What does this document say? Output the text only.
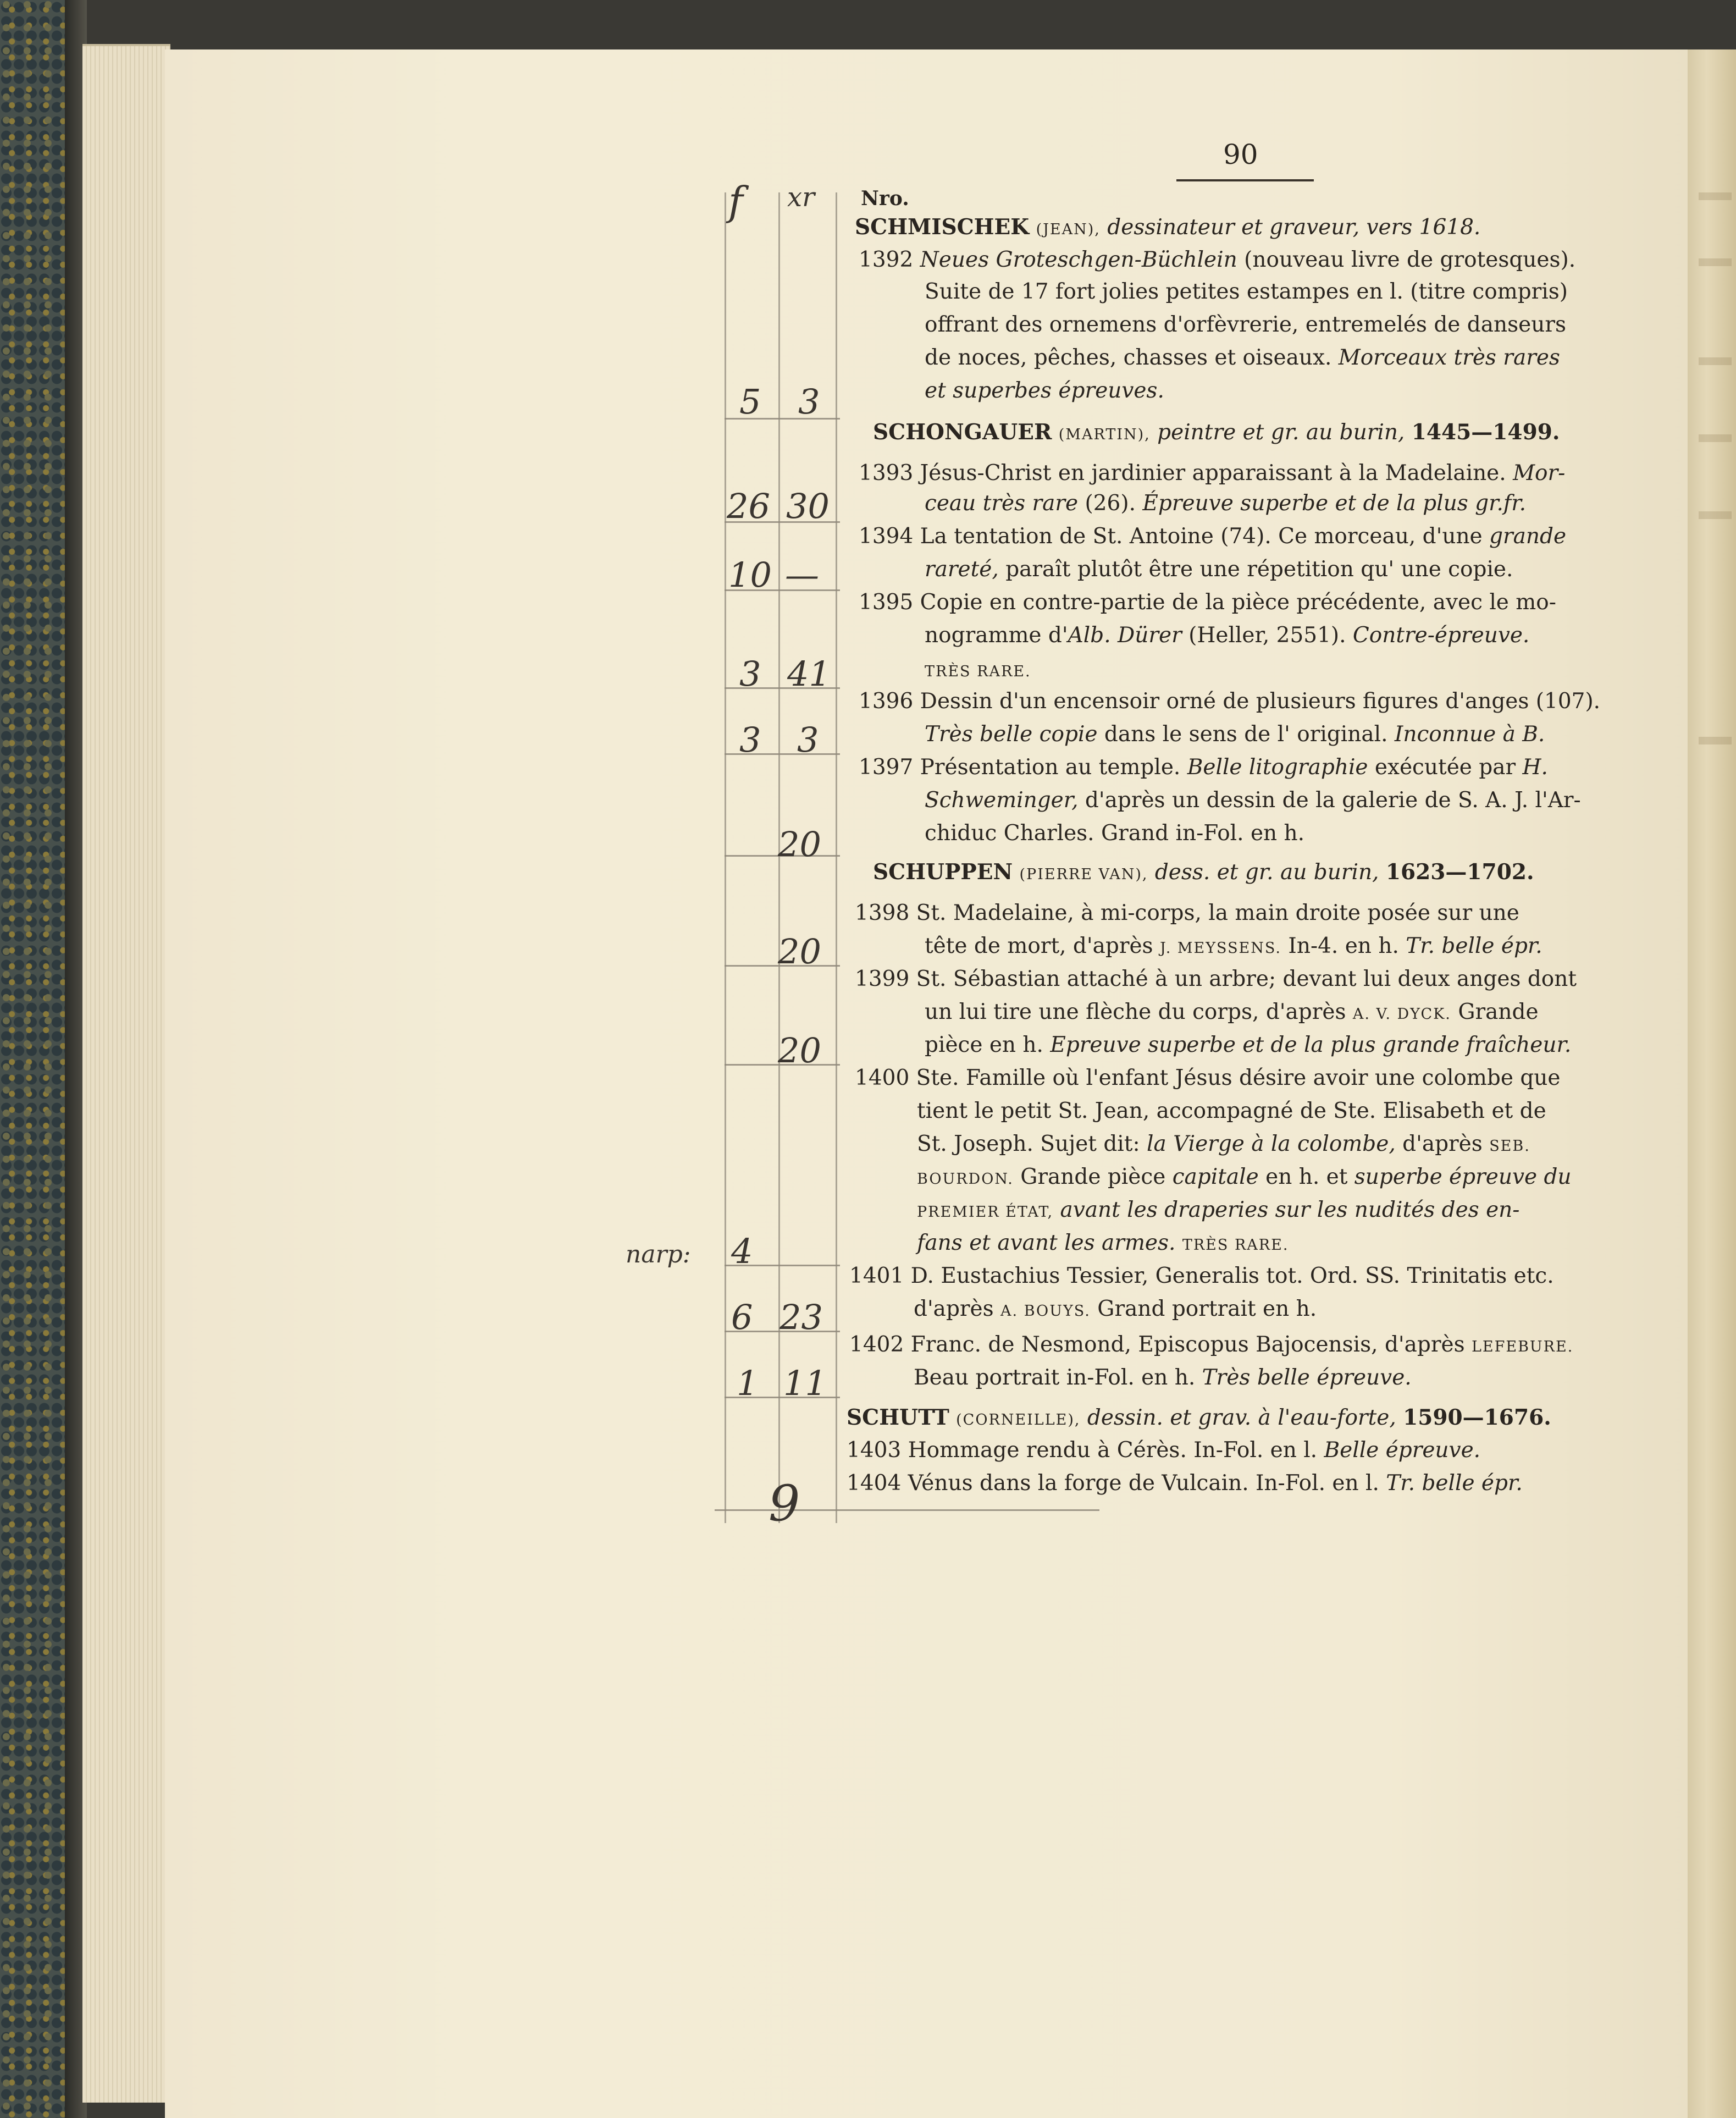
90
f xr
narp:
5 3
26 30
10 —
3 41
3 3
20
20
20
4
6 23
1 11
9
Nro.
SCHMISCHEK (JEAN), dessinateur et graveur, vers 1618.
1392 Neues Groteschgen-Büchlein (nouveau livre de grotesques).
Suite de 17 fort jolies petites estampes en l. (titre compris)
offrant des ornemens d'orfèvrerie, entremelés de danseurs
de noces, pêches, chasses et oiseaux. Morceaux très rares
et superbes épreuves.
SCHONGAUER (MARTIN), peintre et gr. au burin, 1445—1499.
1393 Jésus-Christ en jardinier apparaissant à la Madelaine. Mor-
ceau très rare (26). Épreuve superbe et de la plus gr.fr.
1394 La tentation de St. Antoine (74). Ce morceau, d'une grande
rareté, paraît plutôt être une répetition qu' une copie.
1395 Copie en contre-partie de la pièce précédente, avec le mo-
nogramme d'Alb. Dürer (Heller, 2551). Contre-épreuve.
TRÈS RARE.
1396 Dessin d'un encensoir orné de plusieurs figures d'anges (107).
Très belle copie dans le sens de l' original. Inconnue à B.
1397 Présentation au temple. Belle litographie exécutée par H.
Schweminger, d'après un dessin de la galerie de S. A. J. l'Ar-
chiduc Charles. Grand in-Fol. en h.
SCHUPPEN (PIERRE VAN), dess. et gr. au burin, 1623—1702.
1398 St. Madelaine, à mi-corps, la main droite posée sur une
tête de mort, d'après J. MEYSSENS. In-4. en h. Tr. belle épr.
1399 St. Sébastian attaché à un arbre; devant lui deux anges dont
un lui tire une flèche du corps, d'après A. V. DYCK. Grande
pièce en h. Epreuve superbe et de la plus grande fraîcheur.
1400 Ste. Famille où l'enfant Jésus désire avoir une colombe que
tient le petit St. Jean, accompagné de Ste. Elisabeth et de
St. Joseph. Sujet dit: la Vierge à la colombe, d'après SEB.
BOURDON. Grande pièce capitale en h. et superbe épreuve du
PREMIER ÉTAT, avant les draperies sur les nudités des en-
fans et avant les armes. TRÈS RARE.
1401 D. Eustachius Tessier, Generalis tot. Ord. SS. Trinitatis etc.
d'après A. BOUYS. Grand portrait en h.
1402 Franc. de Nesmond, Episcopus Bajocensis, d'après LEFEBURE.
Beau portrait in-Fol. en h. Très belle épreuve.
SCHUTT (CORNEILLE), dessin. et grav. à l'eau-forte, 1590—1676.
1403 Hommage rendu à Cérès. In-Fol. en l. Belle épreuve.
1404 Vénus dans la forge de Vulcain. In-Fol. en l. Tr. belle épr.
